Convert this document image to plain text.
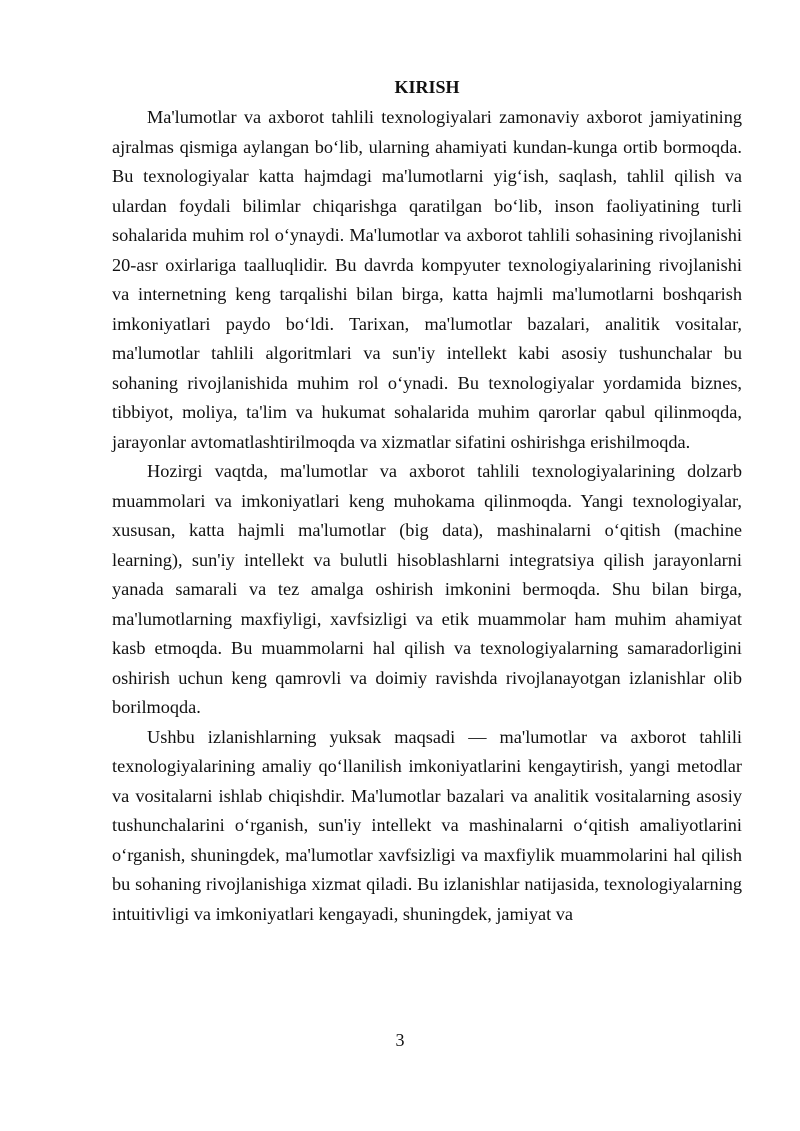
KIRISH

Ma'lumotlar va axborot tahlili texnologiyalari zamonaviy axborot jamiyatining ajralmas qismiga aylangan bo‘lib, ularning ahamiyati kundan-kunga ortib bormoqda. Bu texnologiyalar katta hajmdagi ma'lumotlarni yig‘ish, saqlash, tahlil qilish va ulardan foydali bilimlar chiqarishga qaratilgan bo‘lib, inson faoliyatining turli sohalarida muhim rol o‘ynaydi. Ma'lumotlar va axborot tahlili sohasining rivojlanishi 20-asr oxirlariga taalluqlidir. Bu davrda kompyuter texnologiyalarining rivojlanishi va internetning keng tarqalishi bilan birga, katta hajmli ma'lumotlarni boshqarish imkoniyatlari paydo bo‘ldi. Tarixan, ma'lumotlar bazalari, analitik vositalar, ma'lumotlar tahlili algoritmlari va sun'iy intellekt kabi asosiy tushunchalar bu sohaning rivojlanishida muhim rol o‘ynadi. Bu texnologiyalar yordamida biznes, tibbiyot, moliya, ta'lim va hukumat sohalarida muhim qarorlar qabul qilinmoqda, jarayonlar avtomatlashtirilmoqda va xizmatlar sifatini oshirishga erishilmoqda.

Hozirgi vaqtda, ma'lumotlar va axborot tahlili texnologiyalarining dolzarb muammolari va imkoniyatlari keng muhokama qilinmoqda. Yangi texnologiyalar, xususan, katta hajmli ma'lumotlar (big data), mashinalarni o‘qitish (machine learning), sun'iy intellekt va bulutli hisoblashlarni integratsiya qilish jarayonlarni yanada samarali va tez amalga oshirish imkonini bermoqda. Shu bilan birga, ma'lumotlarning maxfiyligi, xavfsizligi va etik muammolar ham muhim ahamiyat kasb etmoqda. Bu muammolarni hal qilish va texnologiyalarning samaradorligini oshirish uchun keng qamrovli va doimiy ravishda rivojlanayotgan izlanishlar olib borilmoqda.

Ushbu izlanishlarning yuksak maqsadi — ma'lumotlar va axborot tahlili texnologiyalarining amaliy qo‘llanilish imkoniyatlarini kengaytirish, yangi metodlar va vositalarni ishlab chiqishdir. Ma'lumotlar bazalari va analitik vositalarning asosiy tushunchalarini o‘rganish, sun'iy intellekt va mashinalarni o‘qitish amaliyotlarini o‘rganish, shuningdek, ma'lumotlar xavfsizligi va maxfiylik muammolarini hal qilish bu sohaning rivojlanishiga xizmat qiladi. Bu izlanishlar natijasida, texnologiyalarning intuitivligi va imkoniyatlari kengayadi, shuningdek, jamiyat va

3
